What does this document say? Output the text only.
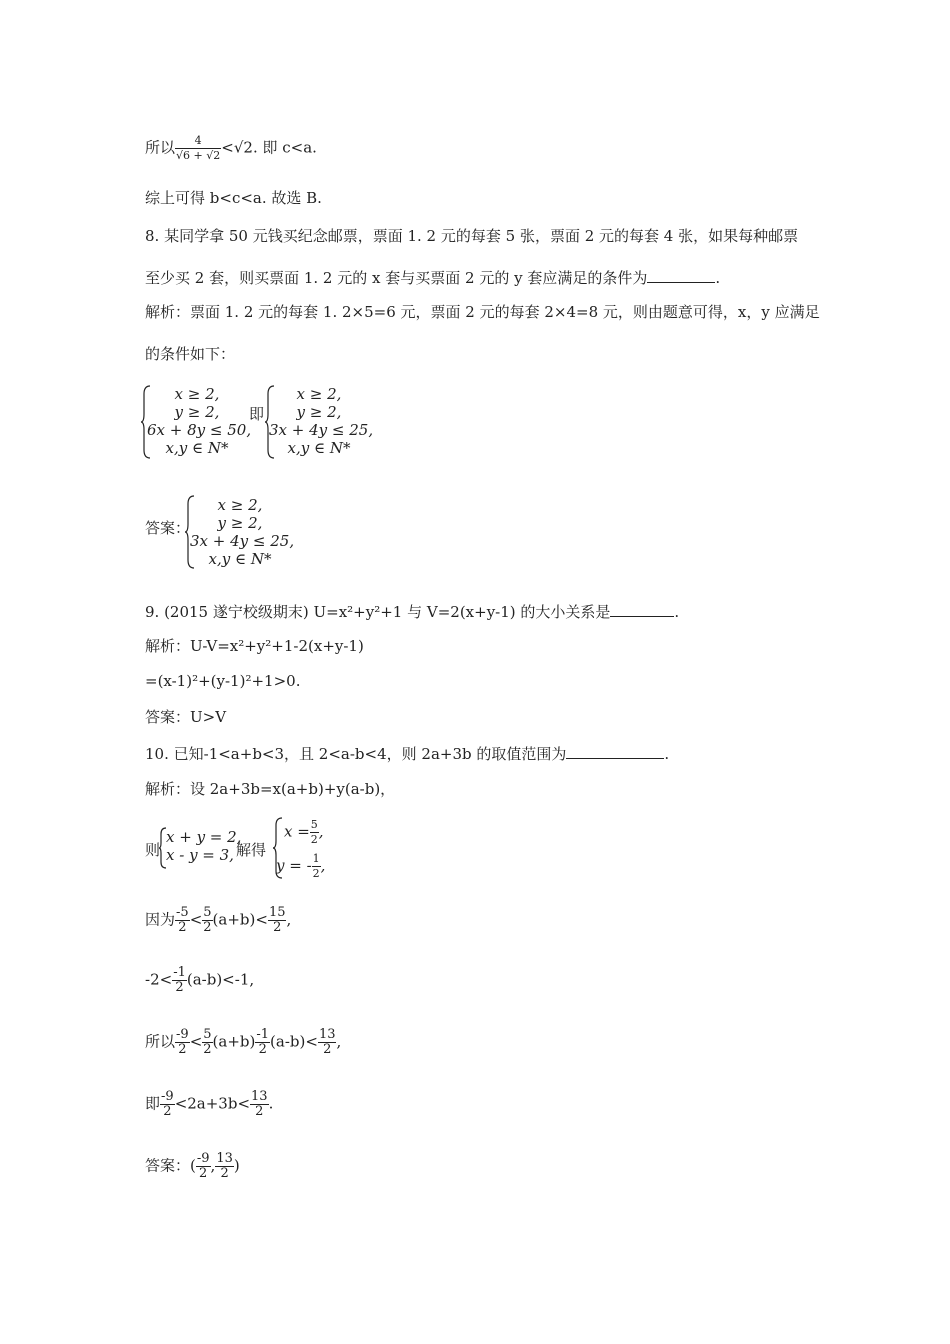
所以 $\frac{4}{√6 + √2} <√2$. 即 c<a.
综上可得 b<c<a. 故选 B.
8. 某同学拿 50 元钱买纪念邮票，票面 1. 2 元的每套 5 张，票面 2 元的每套 4 张，如果每种邮票
至少买 2 套，则买票面 1. 2 元的 x 套与买票面 2 元的 y 套应满足的条件为	.
解析：票面 1. 2 元的每套 1. 2×5=6 元，票面 2 元的每套 2×4=8 元，则由题意可得，x，y 应满足
的条件如下：
x ≥ 2,
y ≥ 2,
6x + 8y ≤ 50,
x,y ∈ N*
即
x ≥ 2,
y ≥ 2,
3x + 4y ≤ 25,
x,y ∈ N*
答案：
x ≥ 2,
y ≥ 2,
3x + 4y ≤ 25,
x,y ∈ N*
9. (2015 遂宁校级期末) U=x²+y²+1 与 V=2(x+y-1) 的大小关系是	.
解析：U-V=x²+y²+1-2(x+y-1)
=(x-1)²+(y-1)²+1>0.
答案：U>V
10. 已知-1<a+b<3，且 2<a-b<4，则 2a+3b 的取值范围为	.
解析：设 2a+3b=x(a+b)+y(a-b)，
则
x + y = 2,
x - y = 3, 解得
$x = \frac{5}{2}$ ,
y = - $\frac{1}{2}$ ,
因为 $\frac{-5}{2} < \frac{5}{2} (a+b)< \frac{15}{2}$ ,
$-2< \frac{-1}{2} (a-b)<-1$,
所以 $\frac{-9}{2} < \frac{5}{2} (a+b) \frac{-1}{2} (a-b)< \frac{13}{2}$ ,
即 $\frac{-9}{2} <2a+3b< \frac{13}{2}$ .
答案：( $\frac{-9}{2}$ , $\frac{13}{2}$ )
